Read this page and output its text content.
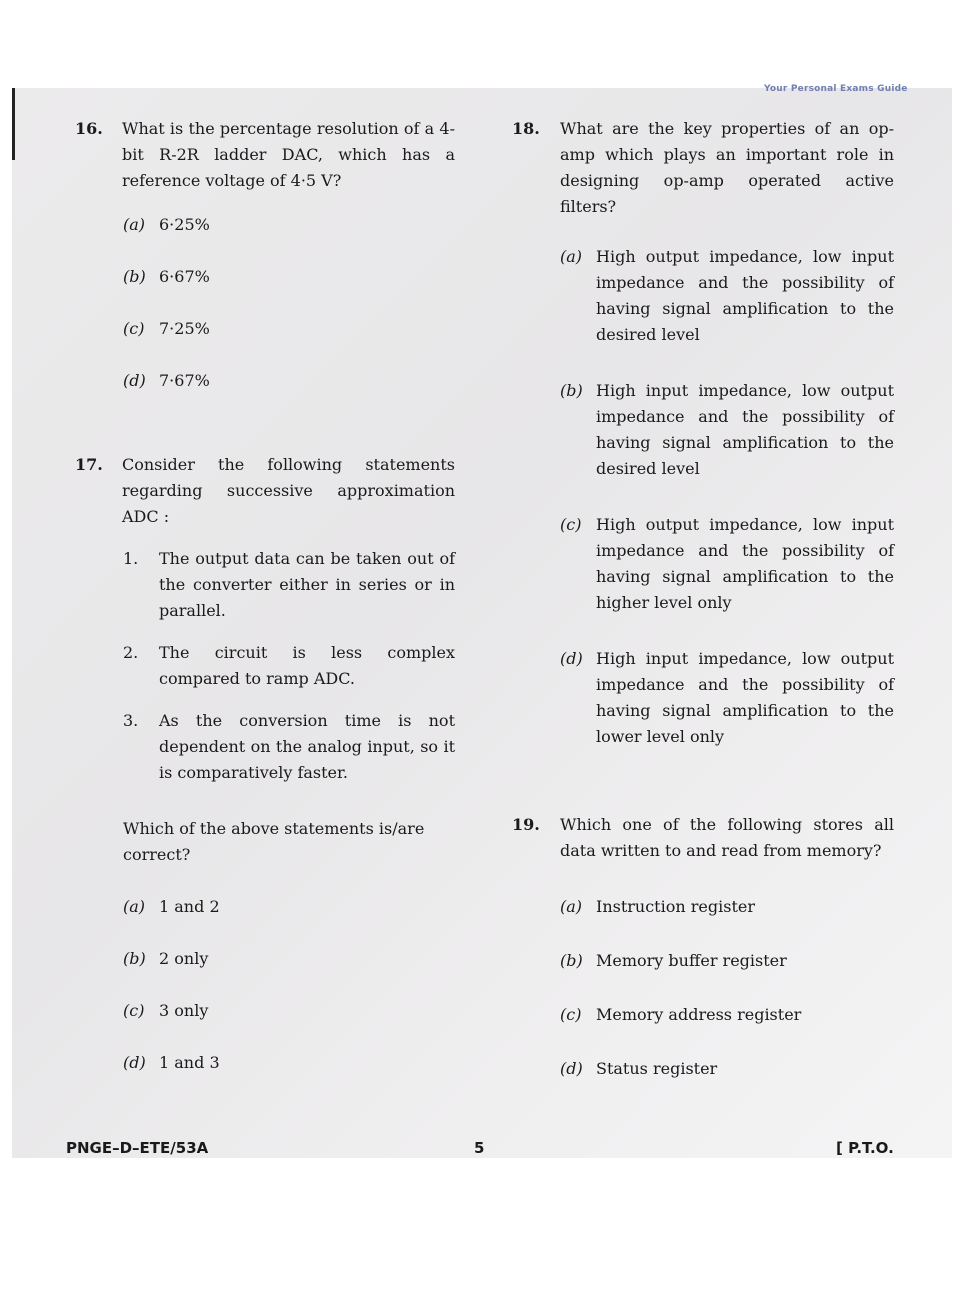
Your Personal Exams Guide
16. What is the percentage resolution of a 4-bit R-2R ladder DAC, which has a reference voltage of 4·5 V?
(a) 6·25%
(b) 6·67%
(c) 7·25%
(d) 7·67%
17. Consider the following statements regarding successive approximation ADC :
1. The output data can be taken out of the converter either in series or in parallel.
2. The circuit is less complex compared to ramp ADC.
3. As the conversion time is not dependent on the analog input, so it is comparatively faster.
Which of the above statements is/are correct?
(a) 1 and 2
(b) 2 only
(c) 3 only
(d) 1 and 3
18. What are the key properties of an op-amp which plays an important role in designing op-amp operated active filters?
(a) High output impedance, low input impedance and the possibility of having signal amplification to the desired level
(b) High input impedance, low output impedance and the possibility of having signal amplification to the desired level
(c) High output impedance, low input impedance and the possibility of having signal amplification to the higher level only
(d) High input impedance, low output impedance and the possibility of having signal amplification to the lower level only
19. Which one of the following stores all data written to and read from memory?
(a) Instruction register
(b) Memory buffer register
(c) Memory address register
(d) Status register
PNGE–D–ETE/53A	5	[ P.T.O.
